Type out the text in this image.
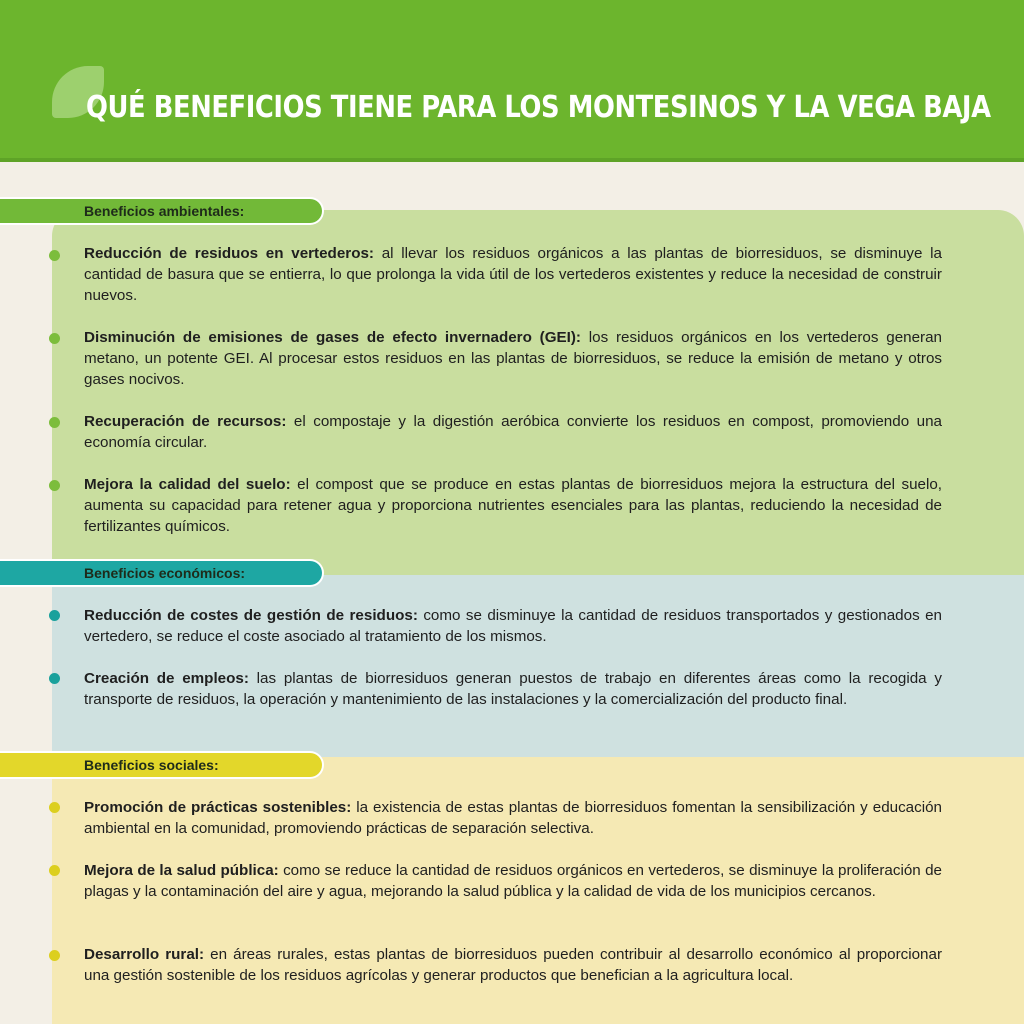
QUÉ BENEFICIOS TIENE PARA LOS MONTESINOS Y LA VEGA BAJA
Beneficios ambientales:

Reducción de residuos en vertederos: al llevar los residuos orgánicos a las plantas de biorresiduos, se disminuye la cantidad de basura que se entierra, lo que prolonga la vida útil de los vertederos existentes y reduce la necesidad de construir nuevos.

Disminución de emisiones de gases de efecto invernadero (GEI): los residuos orgánicos en los vertederos generan metano, un potente GEI. Al procesar estos residuos en las plantas de biorresiduos, se reduce la emisión de metano y otros gases nocivos.

Recuperación de recursos: el compostaje y la digestión aeróbica convierte los residuos en compost, promoviendo una economía circular.

Mejora la calidad del suelo: el compost que se produce en estas plantas de biorresiduos mejora la estructura del suelo, aumenta su capacidad para retener agua y proporciona nutrientes esenciales para las plantas, reduciendo la necesidad de fertilizantes químicos.

Beneficios económicos:

Reducción de costes de gestión de residuos: como se disminuye la cantidad de residuos transportados y gestionados en vertedero, se reduce el coste asociado al tratamiento de los mismos.

Creación de empleos: las plantas de biorresiduos generan puestos de trabajo en diferentes áreas como la recogida y transporte de residuos, la operación y mantenimiento de las instalaciones y la comercialización del producto final.

Beneficios sociales:

Promoción de prácticas sostenibles: la existencia de estas plantas de biorresiduos fomentan la sensibilización y educación ambiental en la comunidad, promoviendo prácticas de separación selectiva.

Mejora de la salud pública: como se reduce la cantidad de residuos orgánicos en vertederos, se disminuye la proliferación de plagas y la contaminación del aire y agua, mejorando la salud pública y la calidad de vida de los municipios cercanos.

Desarrollo rural: en áreas rurales, estas plantas de biorresiduos pueden contribuir al desarrollo económico al proporcionar una gestión sostenible de los residuos agrícolas y generar productos que benefician a la agricultura local.
